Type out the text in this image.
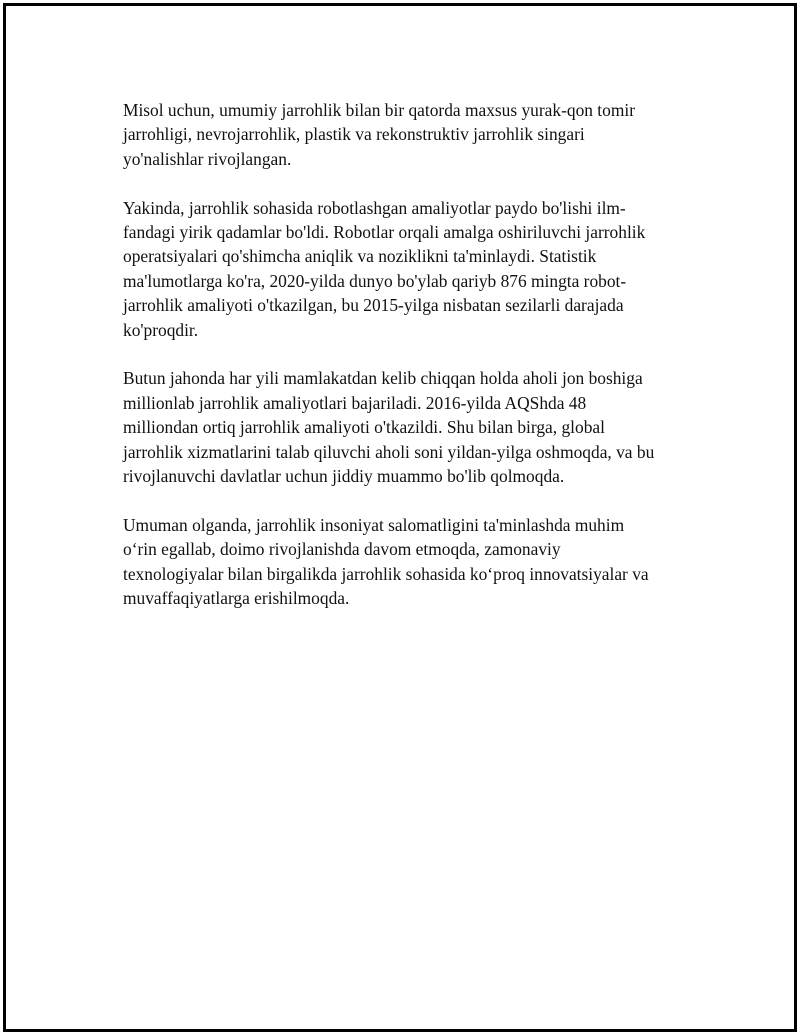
Misol uchun, umumiy jarrohlik bilan bir qatorda maxsus yurak-qon tomir
jarrohligi, nevrojarrohlik, plastik va rekonstruktiv jarrohlik singari
yo'nalishlar rivojlangan.

Yakinda, jarrohlik sohasida robotlashgan amaliyotlar paydo bo'lishi ilm-
fandagi yirik qadamlar bo'ldi. Robotlar orqali amalga oshiriluvchi jarrohlik
operatsiyalari qo'shimcha aniqlik va noziklikni ta'minlaydi. Statistik
ma'lumotlarga ko'ra, 2020-yilda dunyo bo'ylab qariyb 876 mingta robot-
jarrohlik amaliyoti o'tkazilgan, bu 2015-yilga nisbatan sezilarli darajada
ko'proqdir.

Butun jahonda har yili mamlakatdan kelib chiqqan holda aholi jon boshiga
millionlab jarrohlik amaliyotlari bajariladi. 2016-yilda AQShda 48
milliondan ortiq jarrohlik amaliyoti o'tkazildi. Shu bilan birga, global
jarrohlik xizmatlarini talab qiluvchi aholi soni yildan-yilga oshmoqda, va bu
rivojlanuvchi davlatlar uchun jiddiy muammo bo'lib qolmoqda.

Umuman olganda, jarrohlik insoniyat salomatligini ta'minlashda muhim
o‘rin egallab, doimo rivojlanishda davom etmoqda, zamonaviy
texnologiyalar bilan birgalikda jarrohlik sohasida ko‘proq innovatsiyalar va
muvaffaqiyatlarga erishilmoqda.
